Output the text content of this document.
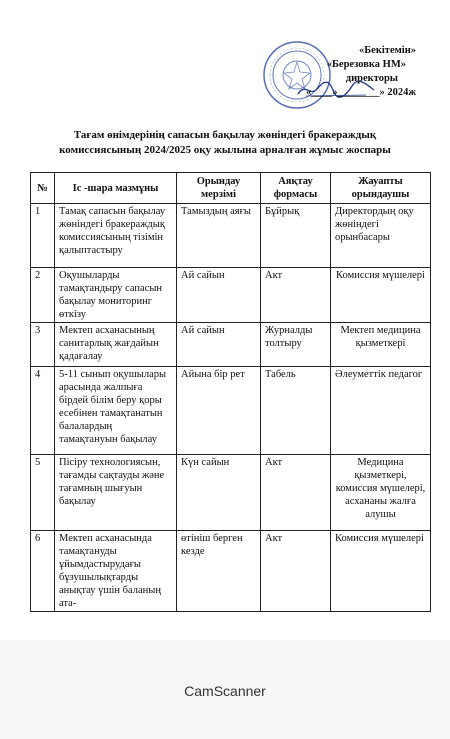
«Бекітемін»
«Березовка НМ»
директоры
«____»________» 2024ж
Тағам өнімдерінің сапасын бақылау жөніндегі бракераждық
комиссиясының 2024/2025 оқу жылына арналған жұмыс жоспары
№	Іс -шара мазмұны	Орындау мерзімі	Аяқтау формасы	Жауапты орындаушы
1	Тамақ сапасын бақылау жөніндегі бракераждық комиссиясының тізімін қалыптастыру	Тамыздың аяғы	Бұйрық	Директордың оқу жөніндегі орынбасары
2	Оқушыларды тамақтандыру сапасын бақылау мониторинг өткізу	Ай сайын	Акт	Комиссия мүшелері
3	Мектеп асханасының санитарлық жағдайын қадағалау	Ай сайын	Журналды толтыру	Мектеп медицина қызметкері
4	5-11 сынып оқушылары арасында жалпыға бірдей білім беру қоры есебінен тамақтанатын балалардың тамақтануын бақылау	Айына бір рет	Табель	Әлеуметтік педагог
5	Пісіру технологиясын, тағамды сақтауды және тағамның шығуын бақылау	Күн сайын	Акт	Медицина қызметкері, комиссия мүшелері, асхананы жалға алушы
6	Мектеп асханасында тамақтануды ұйымдастырудағы бұзушылықтарды анықтау үшін баланың ата-	өтініш берген кезде	Акт	Комиссия мүшелері
CamScanner
